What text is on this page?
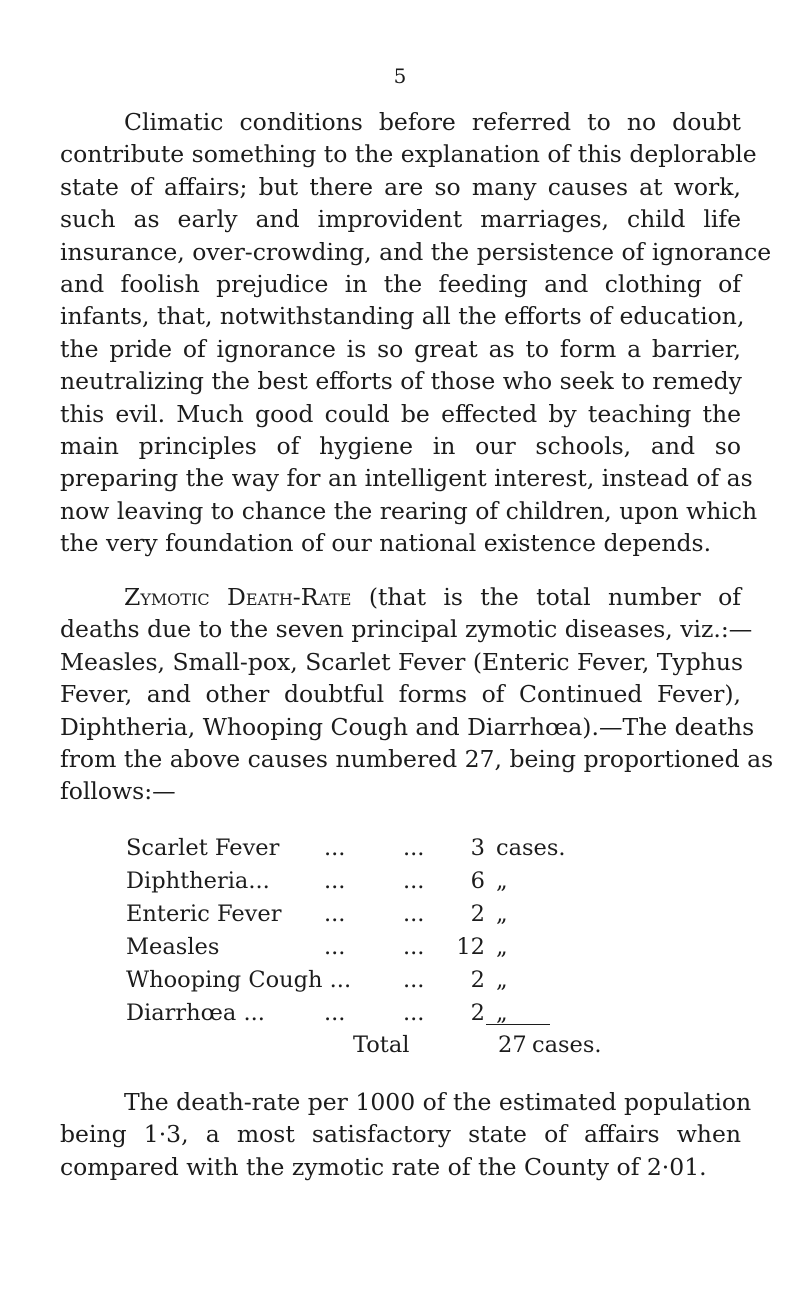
5
Climatic conditions before referred to no doubt
contribute something to the explanation of this deplorable
state of affairs; but there are so many causes at work,
such as early and improvident marriages, child life
insurance, over-crowding, and the persistence of ignorance
and foolish prejudice in the feeding and clothing of
infants, that, notwithstanding all the efforts of education,
the pride of ignorance is so great as to form a barrier,
neutralizing the best efforts of those who seek to remedy
this evil. Much good could be effected by teaching the
main principles of hygiene in our schools, and so
preparing the way for an intelligent interest, instead of as
now leaving to chance the rearing of children, upon which
the very foundation of our national existence depends.
Zymotic Death-Rate (that is the total number of
deaths due to the seven principal zymotic diseases, viz.:—
Measles, Small-pox, Scarlet Fever (Enteric Fever, Typhus
Fever, and other doubtful forms of Continued Fever),
Diphtheria, Whooping Cough and Diarrhœa).—The deaths
from the above causes numbered 27, being proportioned as
follows:—
Scarlet Fever ...	...	3 cases.
Diphtheria... ...	...	6 „
Enteric Fever ...	...	2 „
Measles	...	...	12 „
Whooping Cough ... ...	2 „
Diarrhœa ...	...	...	2 „
Total	27 cases.
The death-rate per 1000 of the estimated population
being 1·3, a most satisfactory state of affairs when
compared with the zymotic rate of the County of 2·01.
